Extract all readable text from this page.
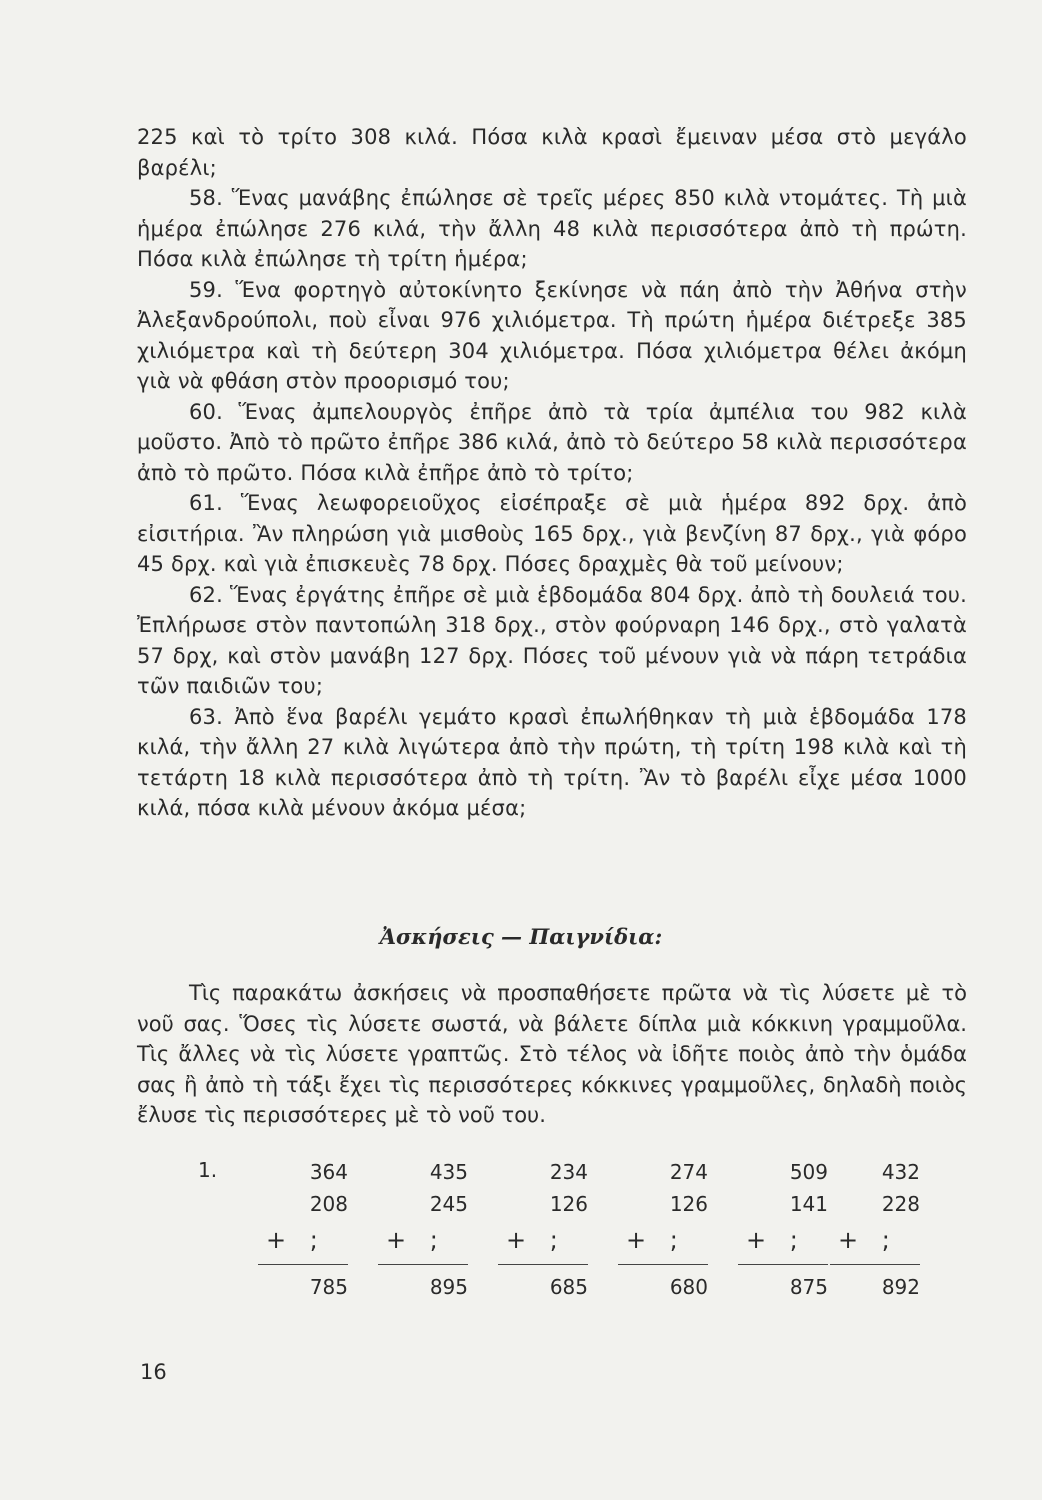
225 καὶ τὸ τρίτο 308 κιλά. Πόσα κιλὰ κρασὶ ἔμειναν μέσα στὸ μεγάλο βαρέλι;

58. Ἕνας μανάβης ἐπώλησε σὲ τρεῖς μέρες 850 κιλὰ ντομάτες. Τὴ μιὰ ἡμέρα ἐπώλησε 276 κιλά, τὴν ἄλλη 48 κιλὰ περισσότερα ἀπὸ τὴ πρώτη. Πόσα κιλὰ ἐπώλησε τὴ τρίτη ἡμέρα;

59. Ἕνα φορτηγὸ αὐτοκίνητο ξεκίνησε νὰ πάη ἀπὸ τὴν Ἀθήνα στὴν Ἀλεξανδρούπολι, ποὺ εἶναι 976 χιλιόμετρα. Τὴ πρώτη ἡμέρα διέτρεξε 385 χιλιόμετρα καὶ τὴ δεύτερη 304 χιλιόμετρα. Πόσα χιλιόμετρα θέλει ἀκόμη γιὰ νὰ φθάση στὸν προορισμό του;

60. Ἕνας ἀμπελουργὸς ἐπῆρε ἀπὸ τὰ τρία ἀμπέλια του 982 κιλὰ μοῦστο. Ἀπὸ τὸ πρῶτο ἐπῆρε 386 κιλά, ἀπὸ τὸ δεύτερο 58 κιλὰ περισσότερα ἀπὸ τὸ πρῶτο. Πόσα κιλὰ ἐπῆρε ἀπὸ τὸ τρίτο;

61. Ἕνας λεωφορειοῦχος εἰσέπραξε σὲ μιὰ ἡμέρα 892 δρχ. ἀπὸ εἰσιτήρια. Ἂν πληρώση γιὰ μισθοὺς 165 δρχ., γιὰ βενζίνη 87 δρχ., γιὰ φόρο 45 δρχ. καὶ γιὰ ἐπισκευὲς 78 δρχ. Πόσες δραχμὲς θὰ τοῦ μείνουν;

62. Ἕνας ἐργάτης ἐπῆρε σὲ μιὰ ἑβδομάδα 804 δρχ. ἀπὸ τὴ δουλειά του. Ἐπλήρωσε στὸν παντοπώλη 318 δρχ., στὸν φούρναρη 146 δρχ., στὸ γαλατὰ 57 δρχ, καὶ στὸν μανάβη 127 δρχ. Πόσες τοῦ μένουν γιὰ νὰ πάρη τετράδια τῶν παιδιῶν του;

63. Ἀπὸ ἕνα βαρέλι γεμάτο κρασὶ ἐπωλήθηκαν τὴ μιὰ ἑβδομάδα 178 κιλά, τὴν ἄλλη 27 κιλὰ λιγώτερα ἀπὸ τὴν πρώτη, τὴ τρίτη 198 κιλὰ καὶ τὴ τετάρτη 18 κιλὰ περισσότερα ἀπὸ τὴ τρίτη. Ἂν τὸ βαρέλι εἶχε μέσα 1000 κιλά, πόσα κιλὰ μένουν ἀκόμα μέσα;

Ἀσκήσεις — Παιγνίδια:

Τὶς παρακάτω ἀσκήσεις νὰ προσπαθήσετε πρῶτα νὰ τὶς λύσετε μὲ τὸ νοῦ σας. Ὅσες τὶς λύσετε σωστά, νὰ βάλετε δίπλα μιὰ κόκκινη γραμμοῦλα. Τὶς ἄλλες νὰ τὶς λύσετε γραπτῶς. Στὸ τέλος νὰ ἰδῆτε ποιὸς ἀπὸ τὴν ὁμάδα σας ἢ ἀπὸ τὴ τάξι ἔχει τὶς περισσότερες κόκκινες γραμμοῦλες, δηλαδὴ ποιὸς ἔλυσε τὶς περισσότερες μὲ τὸ νοῦ του.

1.	364
208
+ ;
785
435
245
+ ;
895
234
126
+ ;
685
274
126
+ ;
680
509
141
+ ;
875
432
228
+ ;
892
16
